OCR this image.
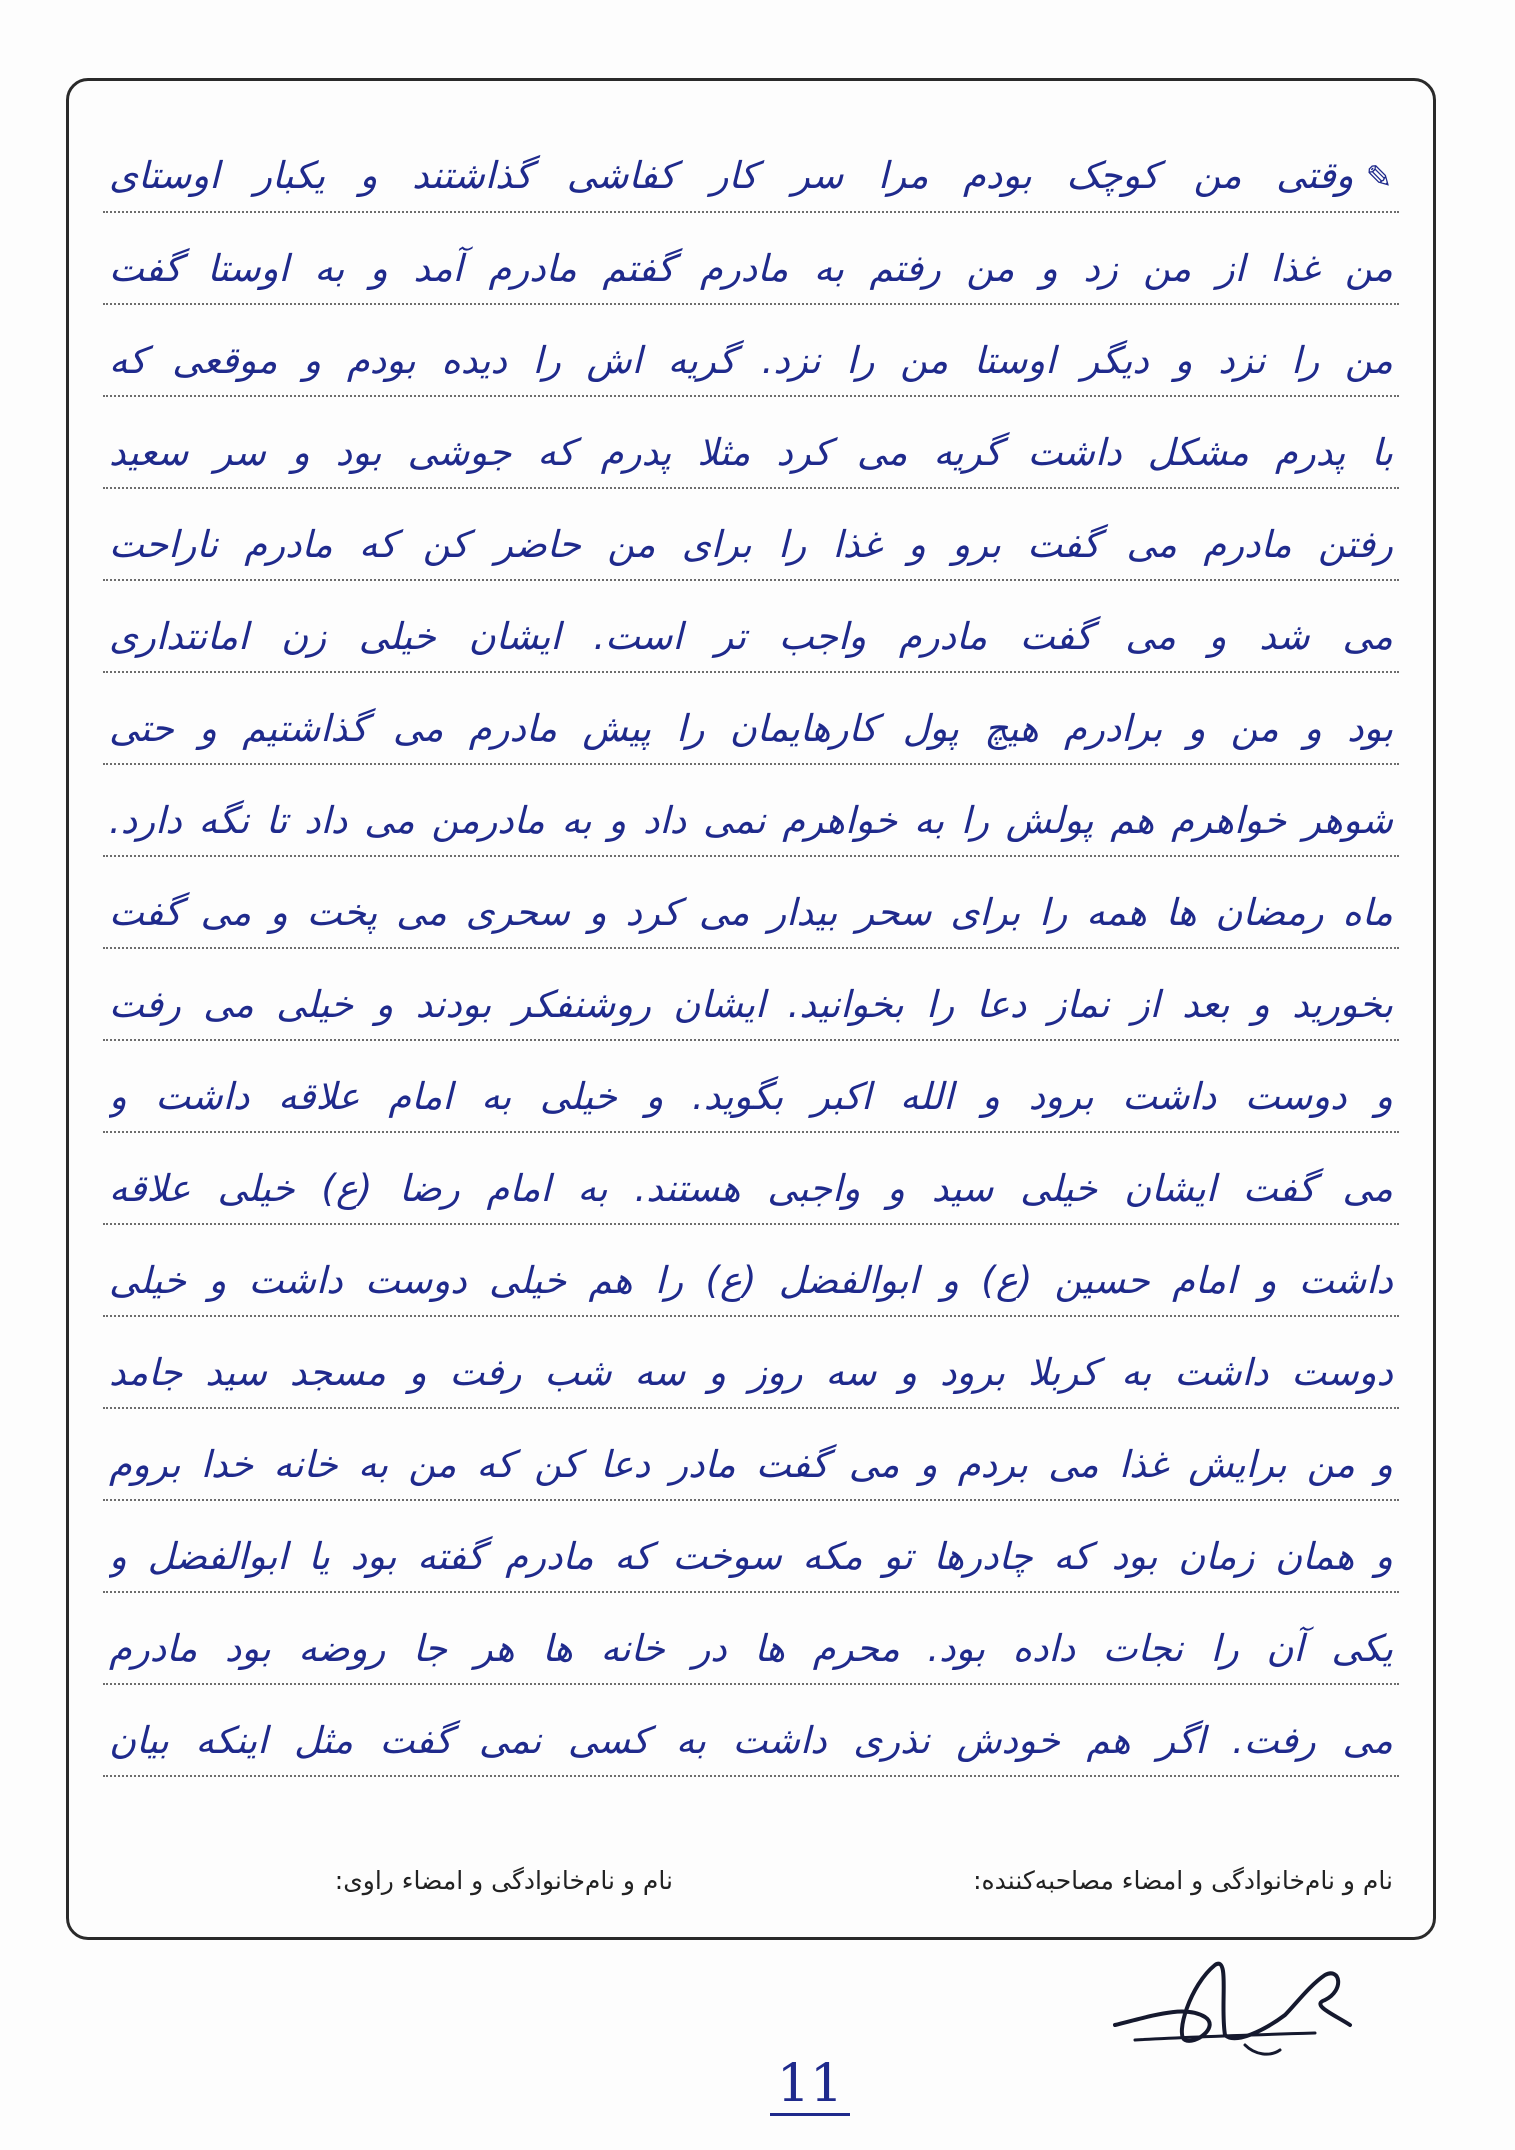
✎وقتی من کوچک بودم مرا سر کار کفاشی گذاشتند و یکبار اوستای
من غذا از من زد و من رفتم به مادرم گفتم مادرم آمد و به اوستا گفت
من را نزد و دیگر اوستا من را نزد. گریه اش را دیده بودم و موقعی که
با پدرم مشکل داشت گریه می کرد مثلا پدرم که جوشی بود و سر سعید
رفتن مادرم می گفت برو و غذا را برای من حاضر کن که مادرم ناراحت
می شد و می گفت مادرم واجب تر است. ایشان خیلی زن امانتداری
بود و من و برادرم هیچ پول کارهایمان را پیش مادرم می گذاشتیم و حتی
شوهر خواهرم هم پولش را به خواهرم نمی داد و به مادرمن می داد تا نگه دارد.
ماه رمضان ها همه را برای سحر بیدار می کرد و سحری می پخت و می گفت
بخورید و بعد از نماز دعا را بخوانید. ایشان روشنفکر بودند و خیلی می رفت
و دوست داشت برود و الله اکبر بگوید. و خیلی به امام علاقه داشت و
می گفت ایشان خیلی سید و واجبی هستند. به امام رضا (ع) خیلی علاقه
داشت و امام حسین (ع) و ابوالفضل (ع) را هم خیلی دوست داشت و خیلی
دوست داشت به کربلا برود و سه روز و سه شب رفت و مسجد سید جامد
و من برایش غذا می بردم و می گفت مادر دعا کن که من به خانه خدا بروم
و همان زمان بود که چادرها تو مکه سوخت که مادرم گفته بود یا ابوالفضل و
یکی آن را نجات داده بود. محرم ها در خانه ها هر جا روضه بود مادرم
می رفت. اگر هم خودش نذری داشت به کسی نمی گفت مثل اینکه بیان
نام و نام‌خانوادگی و امضاء مصاحبه‌کننده:
نام و نام‌خانوادگی و امضاء راوی:
11
